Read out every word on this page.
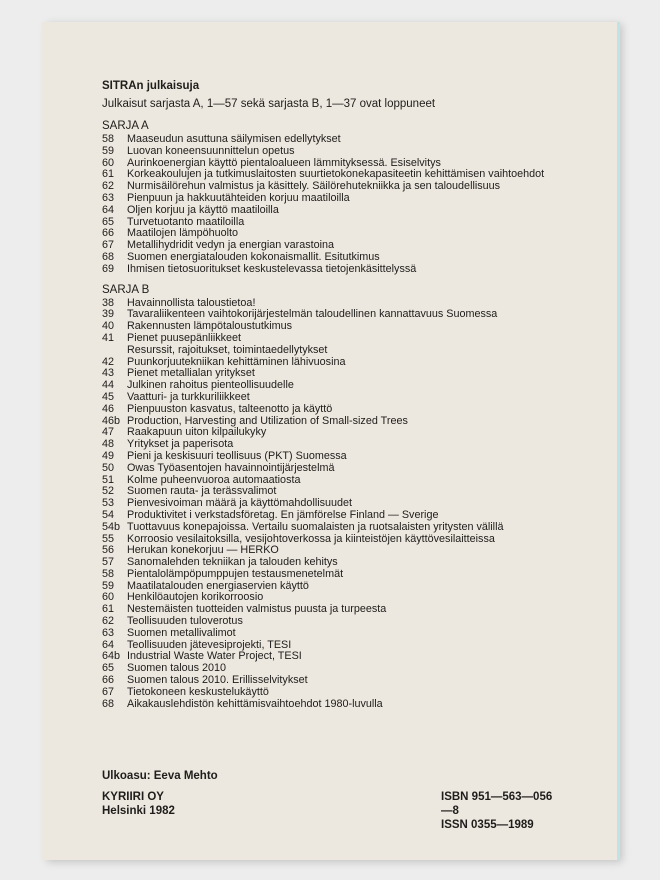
SITRAn julkaisuja

Julkaisut sarjasta A, 1—57 sekä sarjasta B, 1—37 ovat loppuneet

SARJA A

58	Maaseudun asuttuna säilymisen edellytykset
59	Luovan koneensuunnittelun opetus
60	Aurinkoenergian käyttö pientaloalueen lämmityksessä. Esiselvitys
61	Korkeakoulujen ja tutkimuslaitosten suurtietokonekapasiteetin kehittämisen vaihtoehdot
62	Nurmisäilörehun valmistus ja käsittely. Säilörehutekniikka ja sen taloudellisuus
63	Pienpuun ja hakkuutähteiden korjuu maatiloilla
64	Oljen korjuu ja käyttö maatiloilla
65	Turvetuotanto maatiloilla
66	Maatilojen lämpöhuolto
67	Metallihydridit vedyn ja energian varastoina
68	Suomen energiatalouden kokonaismallit. Esitutkimus
69	Ihmisen tietosuoritukset keskustelevassa tietojenkäsittelyssä

SARJA B

38	Havainnollista taloustietoa!
39	Tavaraliikenteen vaihtokorijärjestelmän taloudellinen kannattavuus Suomessa
40	Rakennusten lämpötaloustutkimus
41	Pienet puusepänliikkeet
Resurssit, rajoitukset, toimintaedellytykset
42	Puunkorjuutekniikan kehittäminen lähivuosina
43	Pienet metallialan yritykset
44	Julkinen rahoitus pienteollisuudelle
45	Vaatturi- ja turkkuriliikkeet
46	Pienpuuston kasvatus, talteenotto ja käyttö
46b Production, Harvesting and Utilization of Small-sized Trees
47	Raakapuun uiton kilpailukyky
48	Yritykset ja paperisota
49	Pieni ja keskisuuri teollisuus (PKT) Suomessa
50	Owas Työasentojen havainnointijärjestelmä
51	Kolme puheenvuoroa automaatiosta
52	Suomen rauta- ja terässvalimot
53	Pienvesivoiman määrä ja käyttömahdollisuudet
54	Produktivitet i verkstadsföretag. En jämförelse Finland — Sverige
54b Tuottavuus konepajoissa. Vertailu suomalaisten ja ruotsalaisten yritysten välillä
55	Korroosio vesilaitoksilla, vesijohtoverkossa ja kiinteistöjen käyttövesilaitteissa
56	Herukan konekorjuu — HERKO
57	Sanomalehden tekniikan ja talouden kehitys
58	Pientalolämpöpumppujen testausmenetelmät
59	Maatilatalouden energiaservien käyttö
60	Henkilöautojen korikorroosio
61	Nestemäisten tuotteiden valmistus puusta ja turpeesta
62	Teollisuuden tuloverotus
63	Suomen metallivalimot
64	Teollisuuden jätevesiprojekti, TESI
64b Industrial Waste Water Project, TESI
65	Suomen talous 2010
66	Suomen talous 2010. Erillisselvitykset
67	Tietokoneen keskustelukäyttö
68	Aikakauslehdistön kehittämisvaihtoehdot 1980-luvulla
Ulkoasu: Eeva Mehto
KYRIIRI OY
Helsinki 1982
ISBN 951—563—056—8
ISSN 0355—1989
